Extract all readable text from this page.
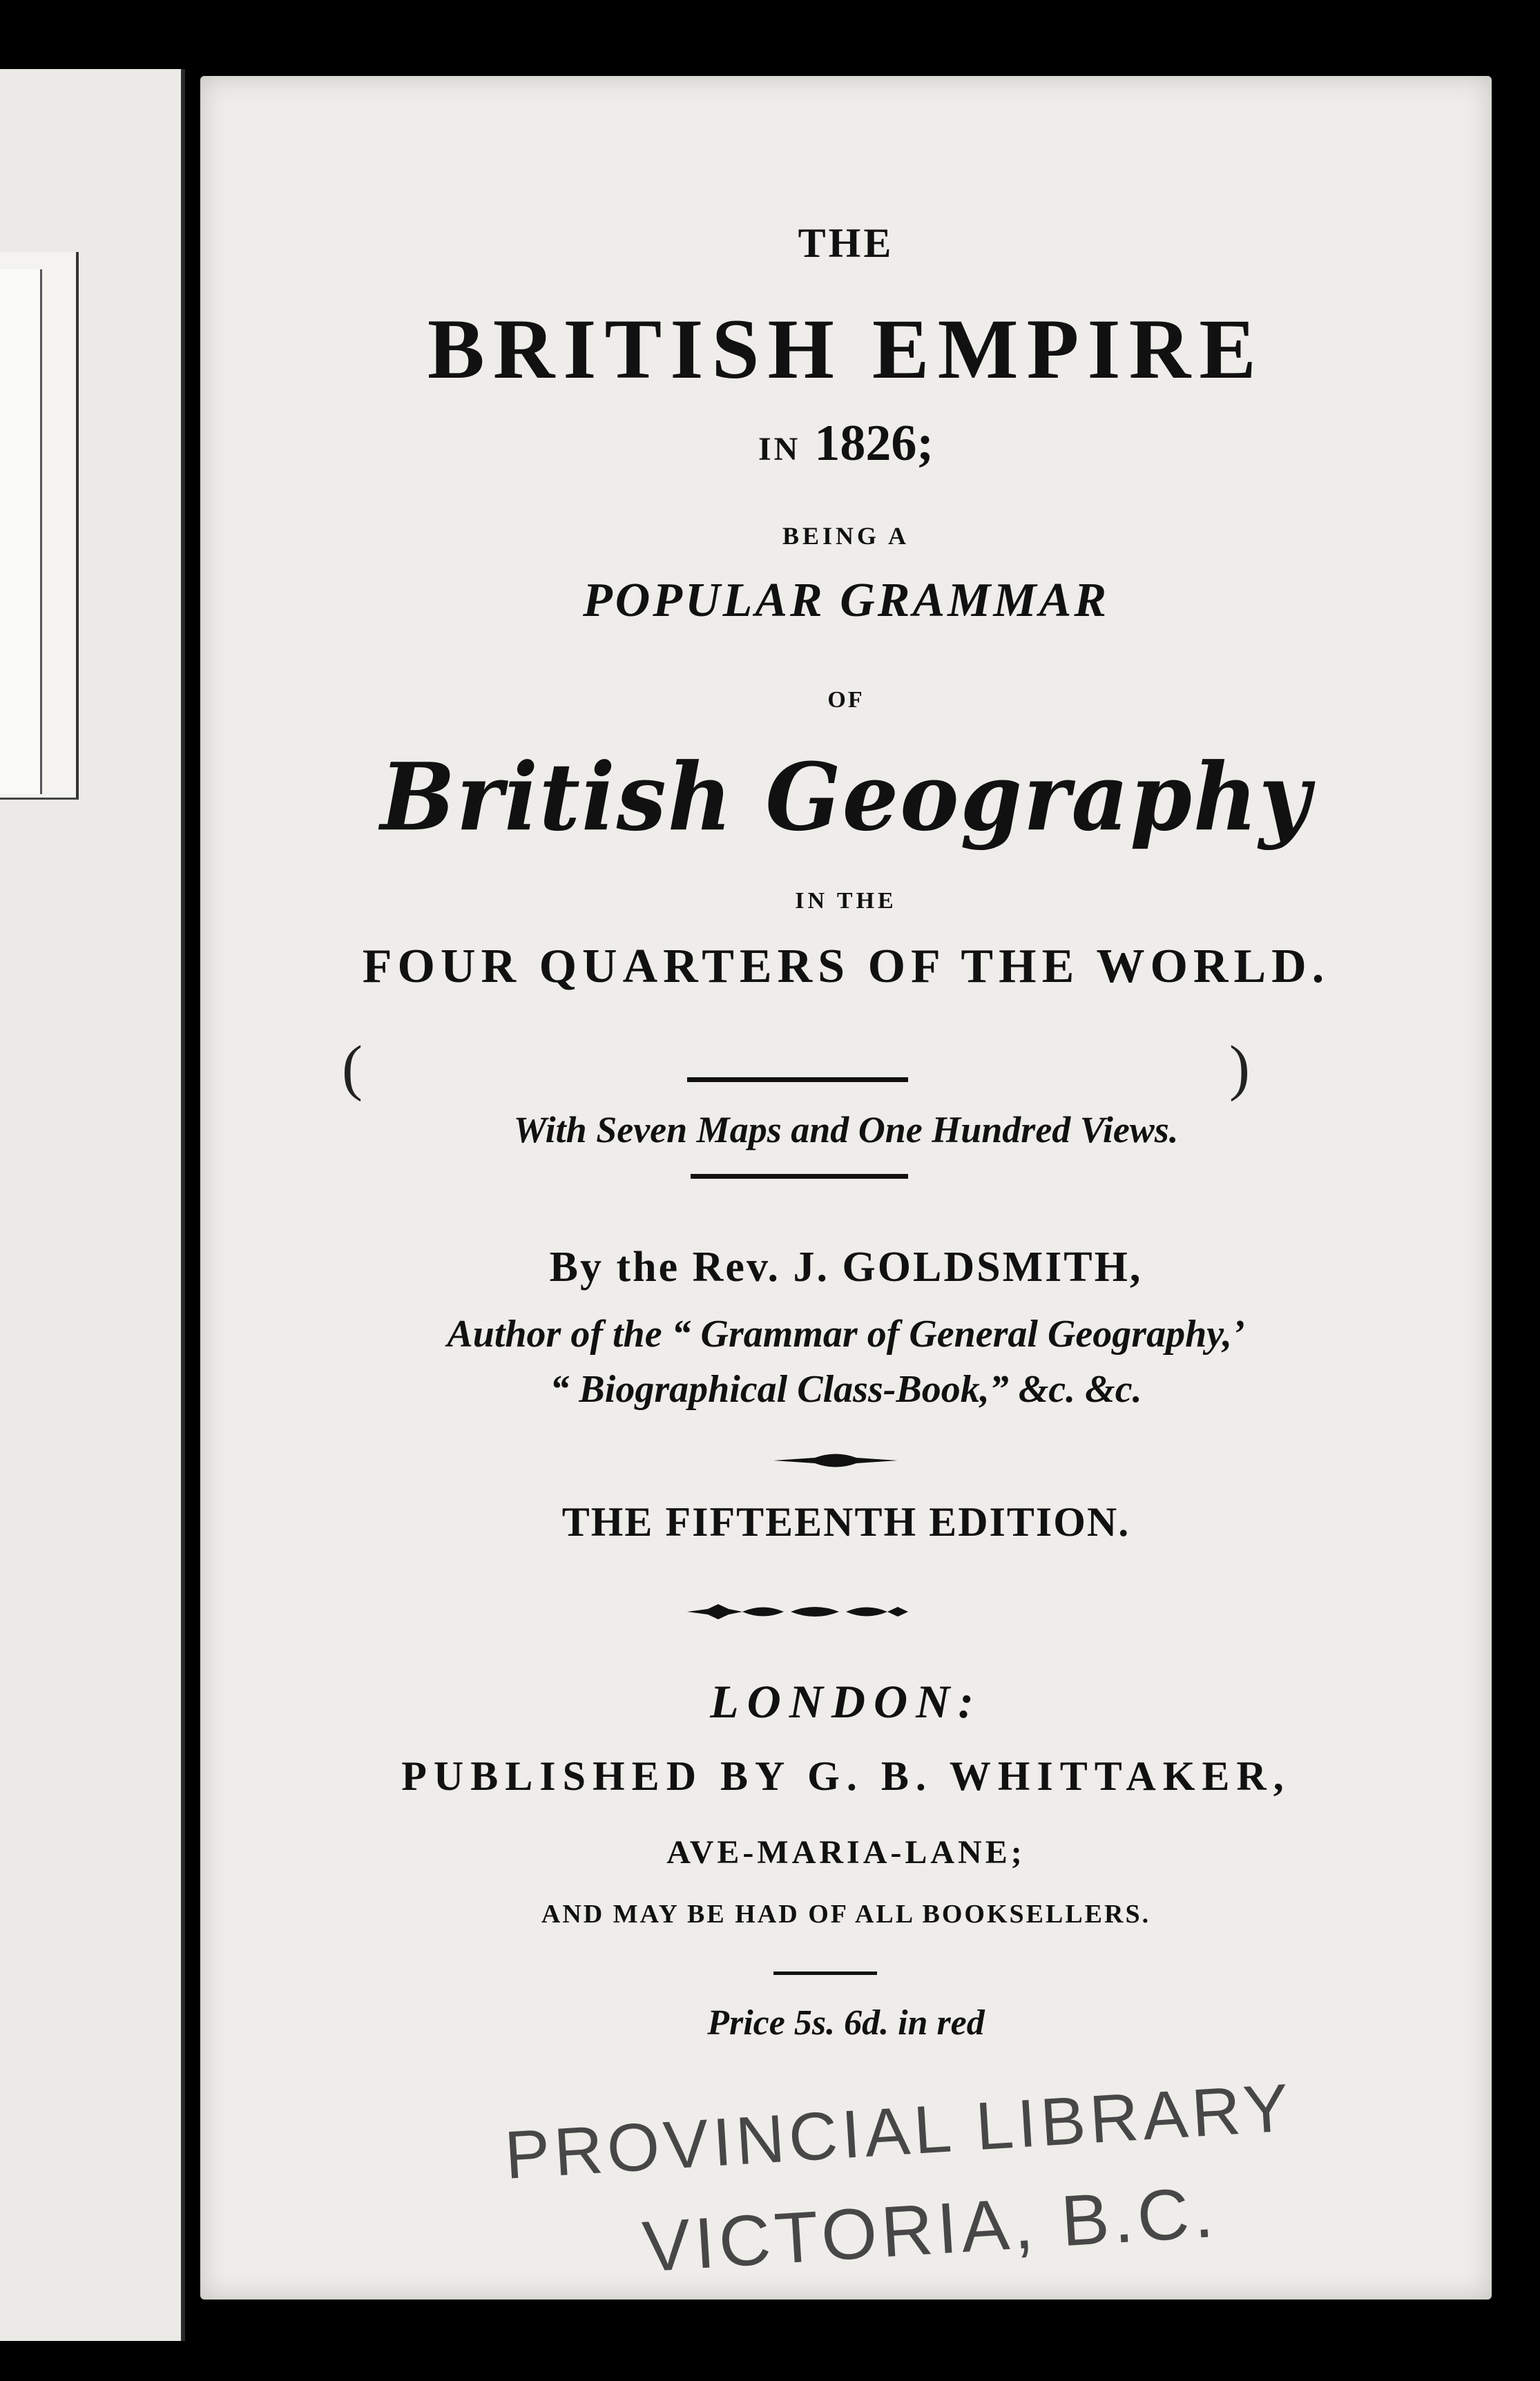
THE
BRITISH EMPIRE
IN 1826;
BEING A
POPULAR GRAMMAR
OF
British Geography
IN THE
FOUR QUARTERS OF THE WORLD.
(	)
With Seven Maps and One Hundred Views.
By the Rev. J. GOLDSMITH,
Author of the “ Grammar of General Geography,’
“ Biographical Class-Book,” &c. &c.
THE FIFTEENTH EDITION.
LONDON:
PUBLISHED BY G. B. WHITTAKER,
AVE-MARIA-LANE;
AND MAY BE HAD OF ALL BOOKSELLERS.
Price 5s. 6d. in red
PROVINCIAL LIBRARY
VICTORIA, B.C.
